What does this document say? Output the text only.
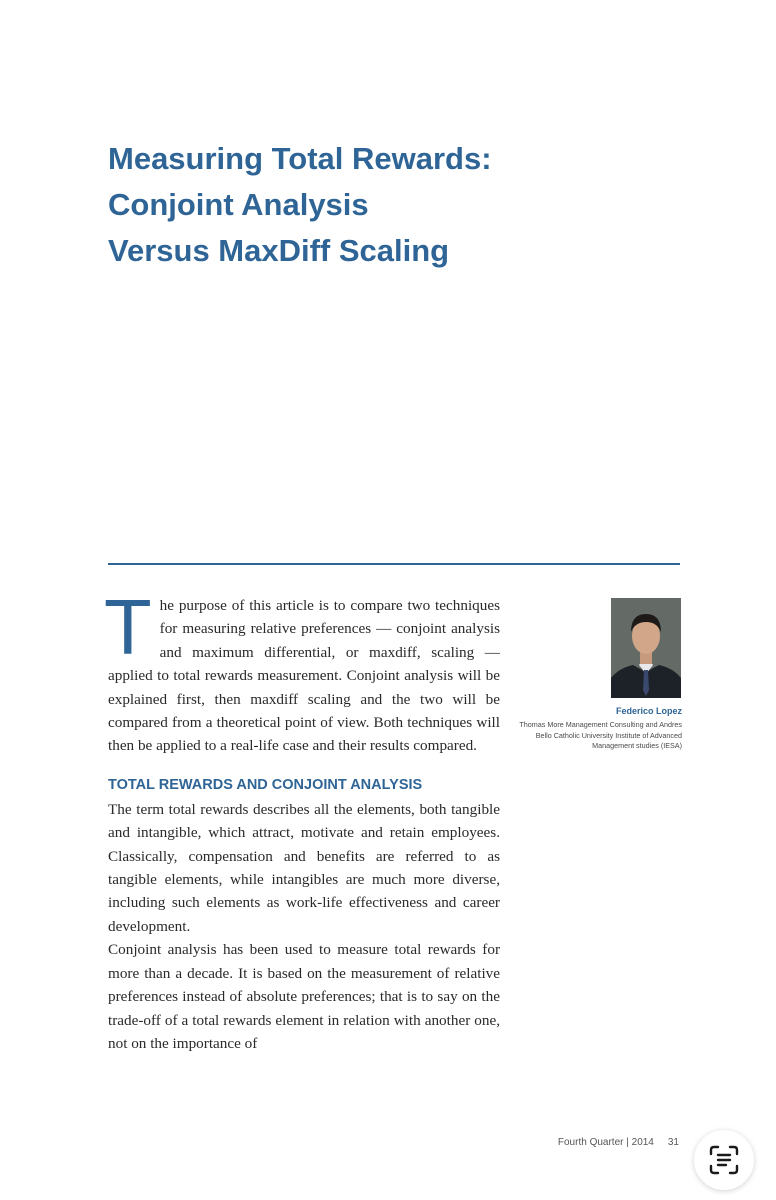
Measuring Total Rewards:
Conjoint Analysis
Versus MaxDiff Scaling

The purpose of this article is to compare two techniques for measuring relative preferences — conjoint analysis and maximum differential, or maxdiff, scaling — applied to total rewards measurement. Conjoint analysis will be explained first, then maxdiff scaling and the two will be compared from a theoretical point of view. Both techniques will then be applied to a real-life case and their results compared.

TOTAL REWARDS AND CONJOINT ANALYSIS

The term total rewards describes all the elements, both tangible and intangible, which attract, motivate and retain employees. Classically, compensation and benefits are referred to as tangible elements, while intangibles are much more diverse, including such elements as work-life effectiveness and career development.

Conjoint analysis has been used to measure total rewards for more than a decade. It is based on the measurement of relative preferences instead of absolute preferences; that is to say on the trade-off of a total rewards element in relation with another one, not on the importance of

Federico Lopez
Thomas More Management Consulting and Andres Bello Catholic University Institute of Advanced Management studies (IESA)
Fourth Quarter | 2014 31
